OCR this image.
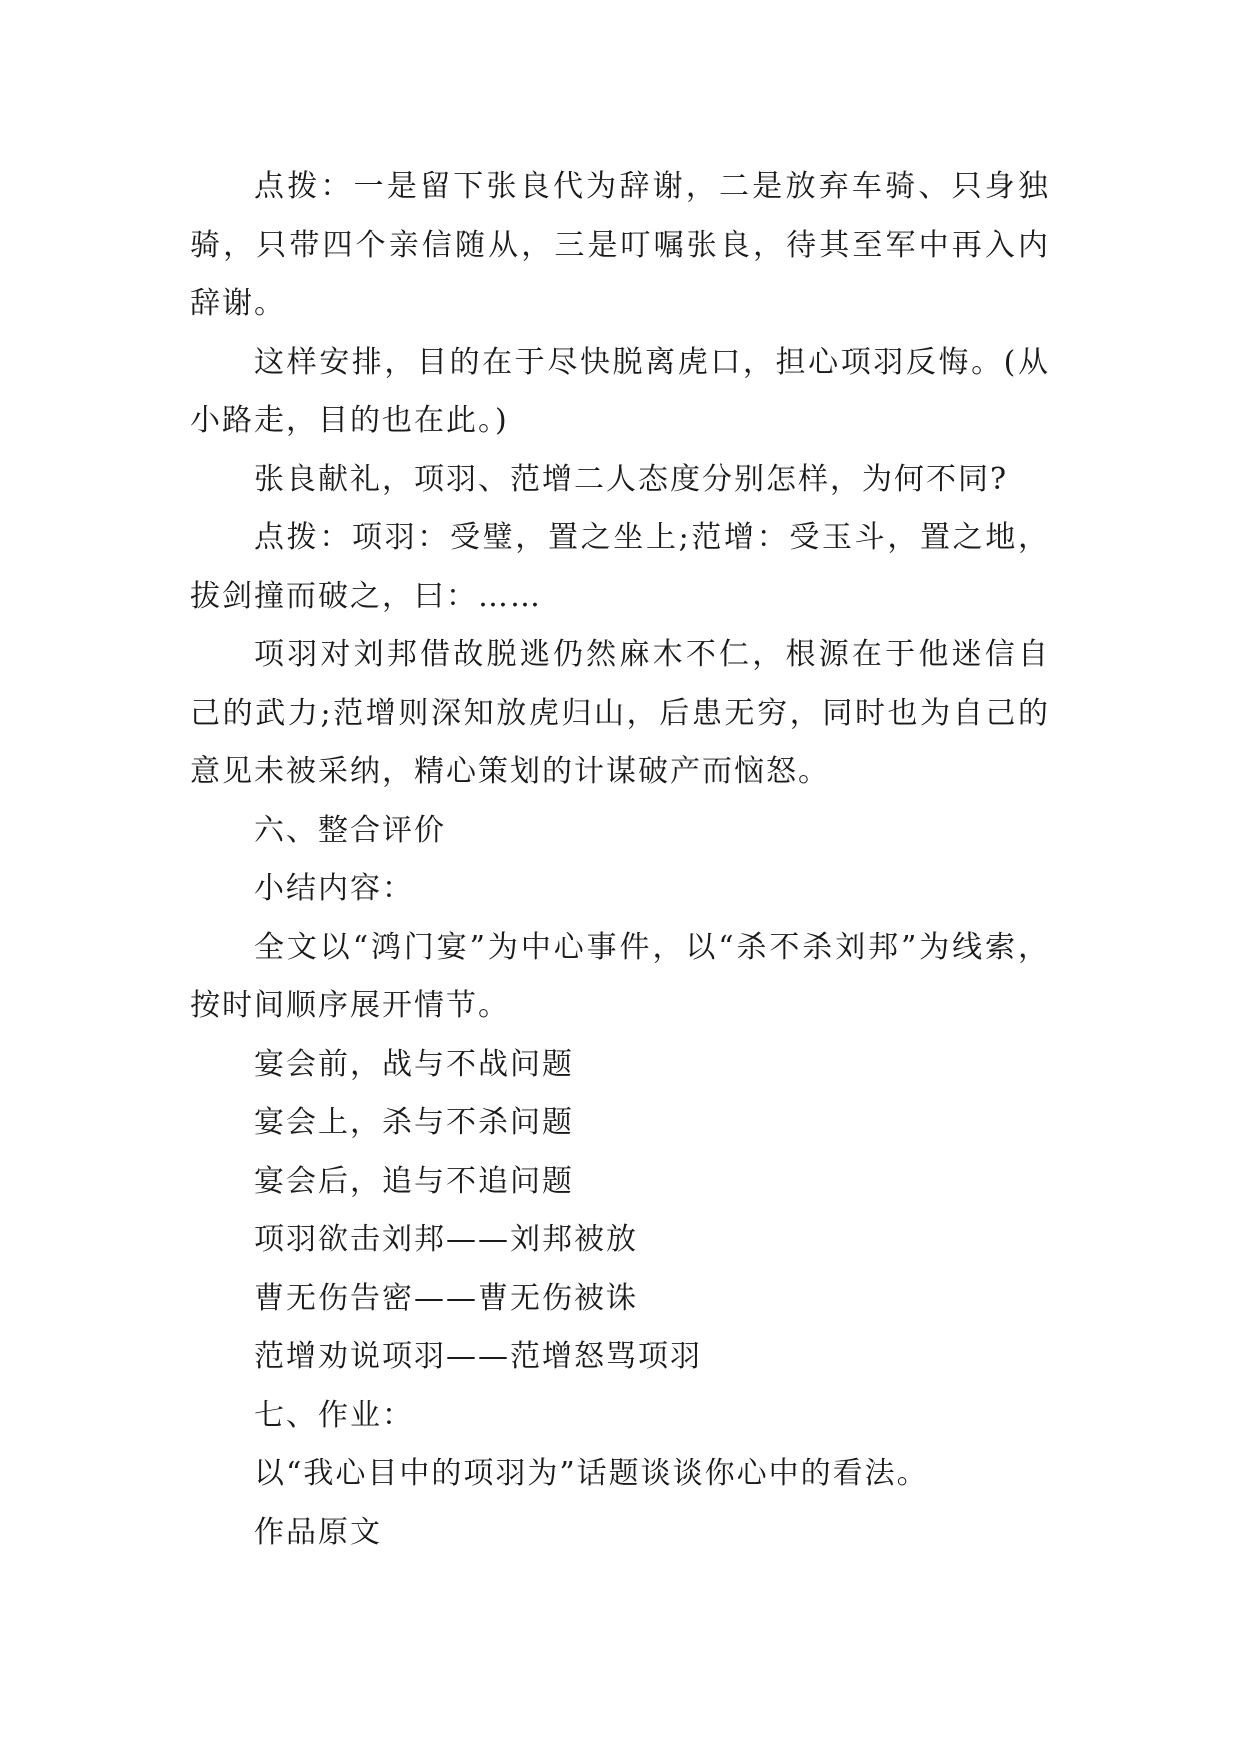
点拨：一是留下张良代为辞谢，二是放弃车骑、只身独骑，只带四个亲信随从，三是叮嘱张良，待其至军中再入内辞谢。

这样安排，目的在于尽快脱离虎口，担心项羽反悔。(从小路走，目的也在此。)

张良献礼，项羽、范增二人态度分别怎样，为何不同?

点拨：项羽：受璧，置之坐上;范增：受玉斗，置之地，拔剑撞而破之，曰：……

项羽对刘邦借故脱逃仍然麻木不仁，根源在于他迷信自己的武力;范增则深知放虎归山，后患无穷，同时也为自己的意见未被采纳，精心策划的计谋破产而恼怒。

六、整合评价

小结内容：

全文以“鸿门宴”为中心事件，以“杀不杀刘邦”为线索，按时间顺序展开情节。

宴会前，战与不战问题

宴会上，杀与不杀问题

宴会后，追与不追问题

项羽欲击刘邦——刘邦被放

曹无伤告密——曹无伤被诛

范增劝说项羽——范增怒骂项羽

七、作业：

以“我心目中的项羽为”话题谈谈你心中的看法。

作品原文
